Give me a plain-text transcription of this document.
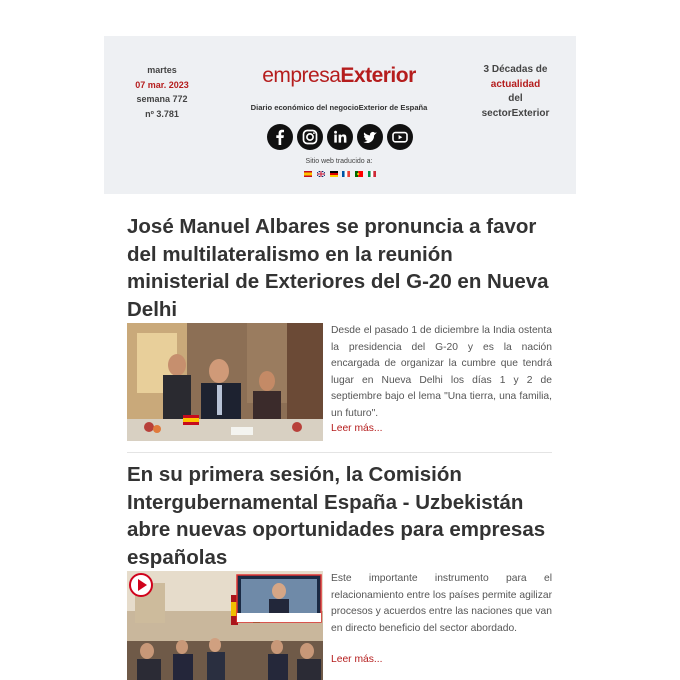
martes
07 mar. 2023
semana 772
nº 3.781
empresaExterior
Diario económico del negocioExterior de España
Sitio web traducido a:
3 Décadas de
actualidad
del
sectorExterior
José Manuel Albares se pronuncia a favor del multilateralismo en la reunión ministerial de Exteriores del G-20 en Nueva Delhi
Desde el pasado 1 de diciembre la India ostenta la presidencia del G-20 y es la nación encargada de organizar la cumbre que tendrá lugar en Nueva Delhi los días 1 y 2 de septiembre bajo el lema "Una tierra, una familia, un futuro".
Leer más...
En su primera sesión, la Comisión Intergubernamental España - Uzbekistán abre nuevas oportunidades para empresas españolas
Este importante instrumento para el relacionamiento entre los países permite agilizar procesos y acuerdos entre las naciones que van en directo beneficio del sector abordado.
Leer más...
